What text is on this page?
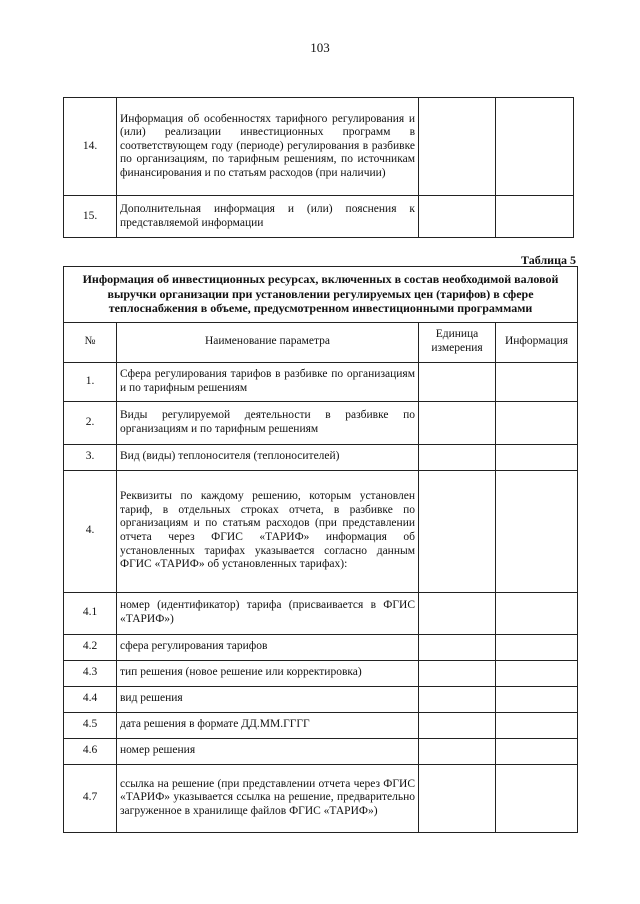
103
14.	Информация об особенностях тарифного регулирования и (или) реализации инвестиционных программ в соответствующем году (периоде) регулирования в разбивке по организациям, по тарифным решениям, по источникам финансирования и по статьям расходов (при наличии)		
15.	Дополнительная информация и (или) пояснения к представляемой информации		
Таблица 5
Информация об инвестиционных ресурсах, включенных в состав необходимой валовой выручки организации при установлении регулируемых цен (тарифов) в сфере теплоснабжения в объеме, предусмотренном инвестиционными программами			
№	Наименование параметра	Единица измерения	Информация
1.	Сфера регулирования тарифов в разбивке по организациям и по тарифным решениям		
2.	Виды регулируемой деятельности в разбивке по организациям и по тарифным решениям		
3.	Вид (виды) теплоносителя (теплоносителей)		
4.	Реквизиты по каждому решению, которым установлен тариф, в отдельных строках отчета, в разбивке по организациям и по статьям расходов (при представлении отчета через ФГИС «ТАРИФ» информация об установленных тарифах указывается согласно данным ФГИС «ТАРИФ» об установленных тарифах):		
4.1	номер (идентификатор) тарифа (присваивается в ФГИС «ТАРИФ»)		
4.2	сфера регулирования тарифов		
4.3	тип решения (новое решение или корректировка)		
4.4	вид решения		
4.5	дата решения в формате ДД.ММ.ГГГГ		
4.6	номер решения		
4.7	ссылка на решение (при представлении отчета через ФГИС «ТАРИФ» указывается ссылка на решение, предварительно загруженное в хранилище файлов ФГИС «ТАРИФ»)		
